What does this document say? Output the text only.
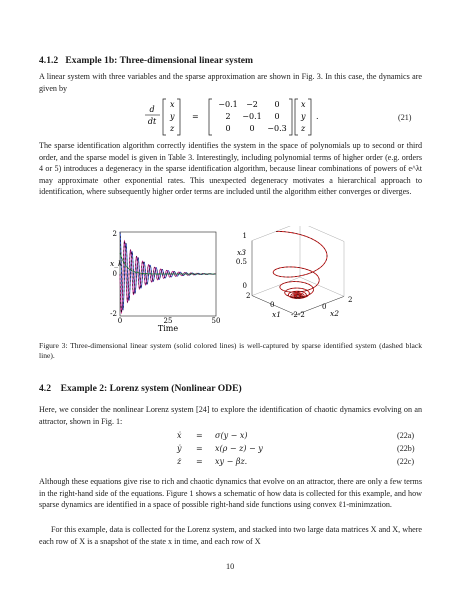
4.1.2 Example 1b: Three-dimensional linear system
A linear system with three variables and the sparse approximation are shown in Fig. 3. In this case, the dynamics are given by
d
dt
x
y
z
=
−0.1 −2 0
2 −0.1 0
0 0 −0.3
x
y
z
.	(21)
The sparse identification algorithm correctly identifies the system in the space of polynomials up to second or third order, and the sparse model is given in Table 3. Interestingly, including polynomial terms of higher order (e.g. orders 4 or 5) introduces a degeneracy in the sparse identification algorithm, because linear combinations of powers of e^λt may approximate other exponential rates. This unexpected degeneracy motivates a hierarchical approach to identification, where subsequently higher order terms are included until the algorithm either converges or diverges.
x_k
2
0
-2
0	25	50
Time
x3
1
0.5
0
2
0
-2
x1
2
0
-2	x2
Figure 3: Three-dimensional linear system (solid colored lines) is well-captured by sparse identified system (dashed black line).
4.2 Example 2: Lorenz system (Nonlinear ODE)
Here, we consider the nonlinear Lorenz system [24] to explore the identification of chaotic dynamics evolving on an attractor, shown in Fig. 1:
ẋ = σ(y − x)	(22a)
ẏ = x(ρ − z) − y	(22b)
ż = xy − βz.	(22c)
Although these equations give rise to rich and chaotic dynamics that evolve on an attractor, there are only a few terms in the right-hand side of the equations. Figure 1 shows a schematic of how data is collected for this example, and how sparse dynamics are identified in a space of possible right-hand side functions using convex ℓ1-minimzation.
For this example, data is collected for the Lorenz system, and stacked into two large data matrices X and X, where each row of X is a snapshot of the state x in time, and each row of X
10
